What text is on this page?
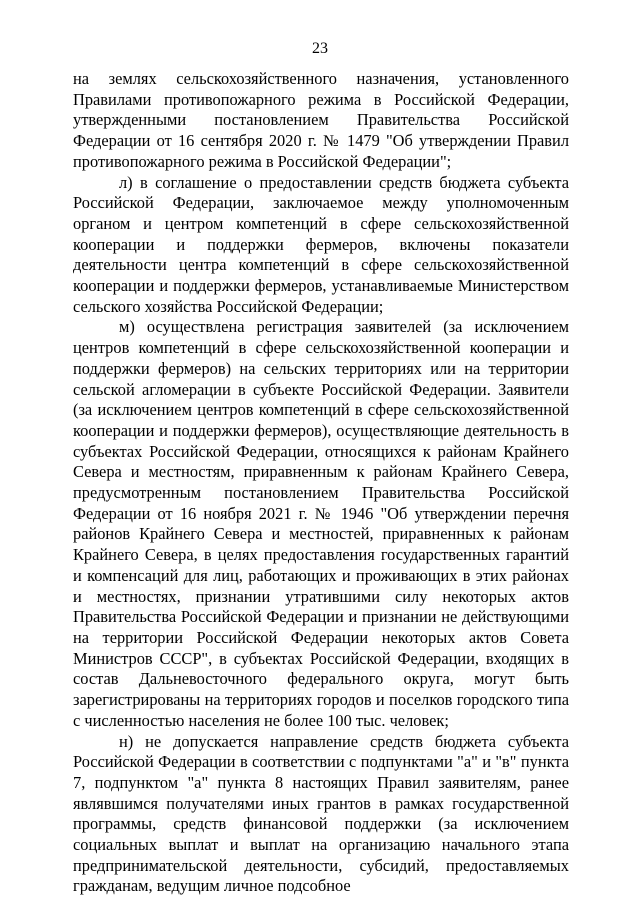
23

на землях сельскохозяйственного назначения, установленного Правилами противопожарного режима в Российской Федерации, утвержденными постановлением Правительства Российской Федерации от 16 сентября 2020 г. № 1479 "Об утверждении Правил противопожарного режима в Российской Федерации";

л) в соглашение о предоставлении средств бюджета субъекта Российской Федерации, заключаемое между уполномоченным органом и центром компетенций в сфере сельскохозяйственной кооперации и поддержки фермеров, включены показатели деятельности центра компетенций в сфере сельскохозяйственной кооперации и поддержки фермеров, устанавливаемые Министерством сельского хозяйства Российской Федерации;

м) осуществлена регистрация заявителей (за исключением центров компетенций в сфере сельскохозяйственной кооперации и поддержки фермеров) на сельских территориях или на территории сельской агломерации в субъекте Российской Федерации. Заявители (за исключением центров компетенций в сфере сельскохозяйственной кооперации и поддержки фермеров), осуществляющие деятельность в субъектах Российской Федерации, относящихся к районам Крайнего Севера и местностям, приравненным к районам Крайнего Севера, предусмотренным постановлением Правительства Российской Федерации от 16 ноября 2021 г. № 1946 "Об утверждении перечня районов Крайнего Севера и местностей, приравненных к районам Крайнего Севера, в целях предоставления государственных гарантий и компенсаций для лиц, работающих и проживающих в этих районах и местностях, признании утратившими силу некоторых актов Правительства Российской Федерации и признании не действующими на территории Российской Федерации некоторых актов Совета Министров СССР", в субъектах Российской Федерации, входящих в состав Дальневосточного федерального округа, могут быть зарегистрированы на территориях городов и поселков городского типа с численностью населения не более 100 тыс. человек;

н) не допускается направление средств бюджета субъекта Российской Федерации в соответствии с подпунктами "а" и "в" пункта 7, подпунктом "а" пункта 8 настоящих Правил заявителям, ранее являвшимся получателями иных грантов в рамках государственной программы, средств финансовой поддержки (за исключением социальных выплат и выплат на организацию начального этапа предпринимательской деятельности, субсидий, предоставляемых гражданам, ведущим личное подсобное
